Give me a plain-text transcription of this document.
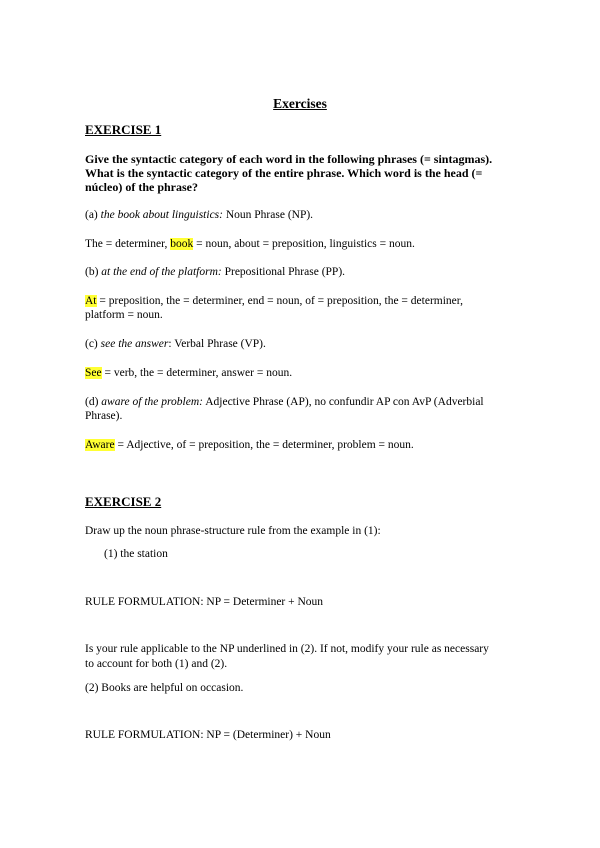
Exercises
EXERCISE 1
Give the syntactic category of each word in the following phrases (= sintagmas).
What is the syntactic category of the entire phrase. Which word is the head (=
núcleo) of the phrase?
(a) the book about linguistics: Noun Phrase (NP).
The = determiner, book = noun, about = preposition, linguistics = noun.
(b) at the end of the platform: Prepositional Phrase (PP).
At = preposition, the = determiner, end = noun, of = preposition, the = determiner,
platform = noun.
(c) see the answer: Verbal Phrase (VP).
See = verb, the = determiner, answer = noun.
(d) aware of the problem: Adjective Phrase (AP), no confundir AP con AvP (Adverbial
Phrase).
Aware = Adjective, of = preposition, the = determiner, problem = noun.
EXERCISE 2
Draw up the noun phrase-structure rule from the example in (1):
(1) the station
RULE FORMULATION: NP = Determiner + Noun
Is your rule applicable to the NP underlined in (2). If not, modify your rule as necessary
to account for both (1) and (2).
(2) Books are helpful on occasion.
RULE FORMULATION: NP = (Determiner) + Noun
